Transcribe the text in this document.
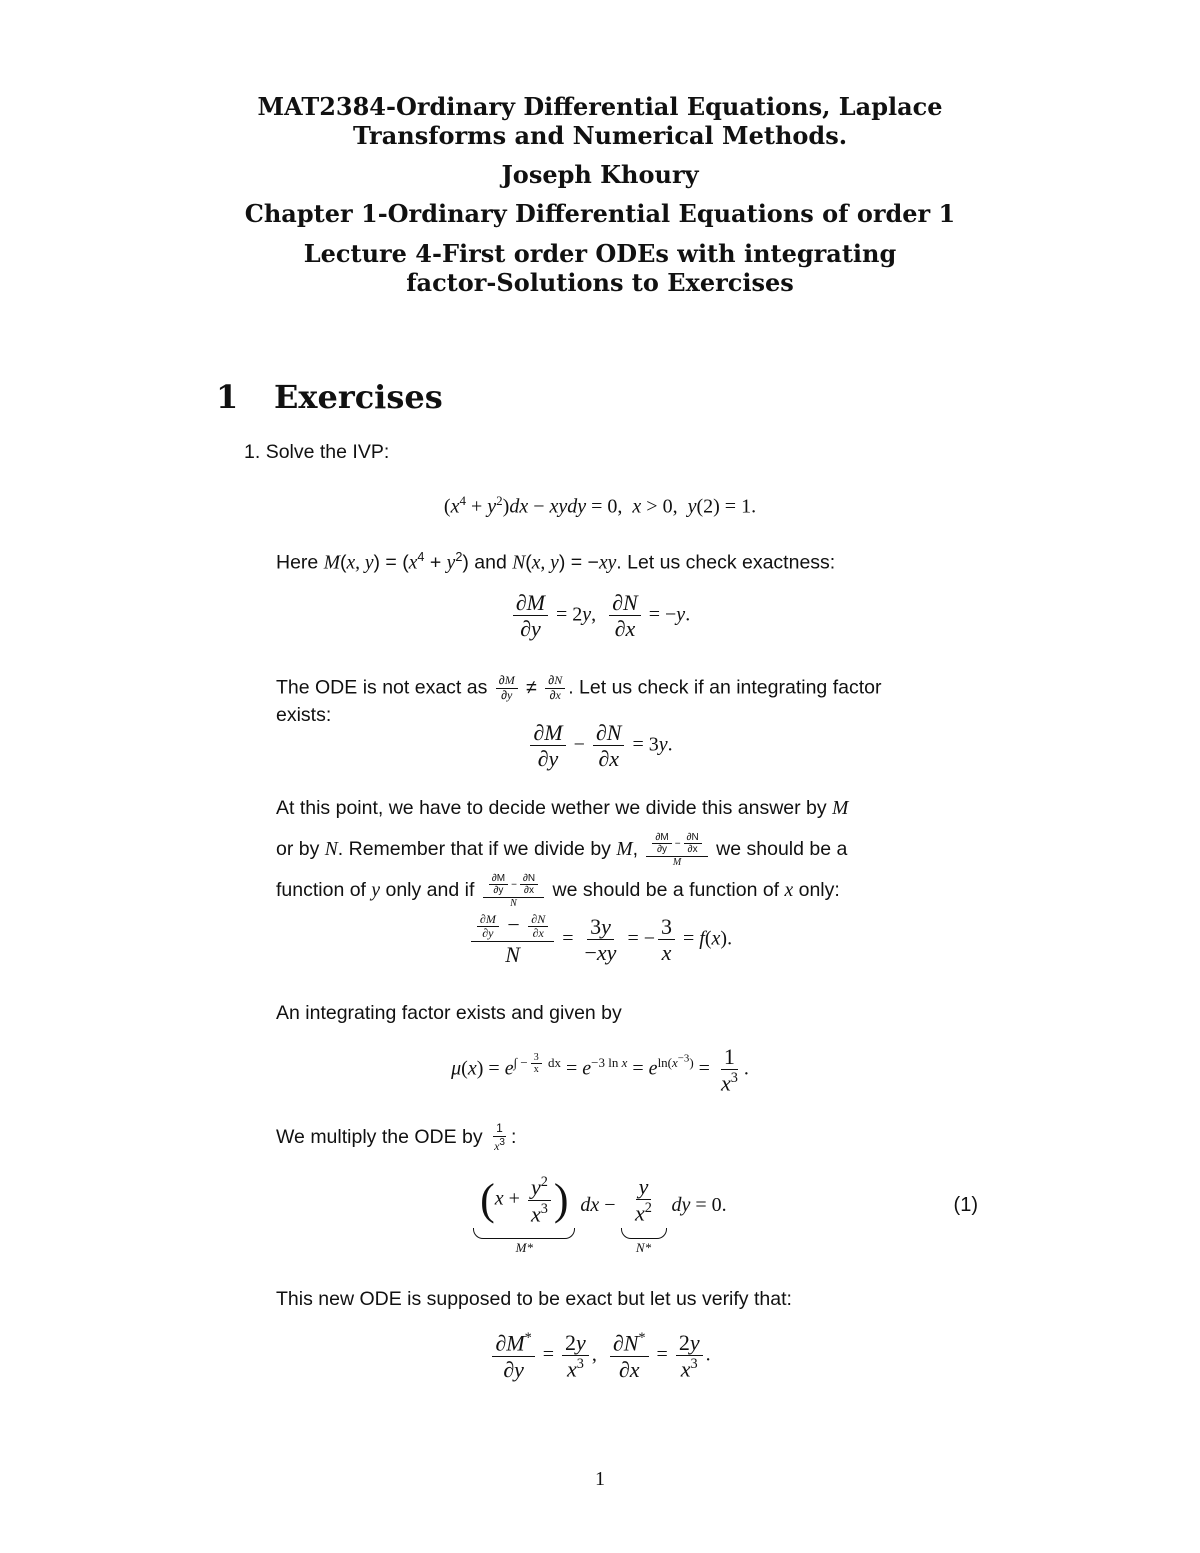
MAT2384-Ordinary Differential Equations, Laplace
Transforms and Numerical Methods.
Joseph Khoury
Chapter 1-Ordinary Differential Equations of order 1
Lecture 4-First order ODEs with integrating
factor-Solutions to Exercises
1 Exercises
1. Solve the IVP:
$(x^4 + y^2)dx$ − xydy = 0,  x > 0,  y(2) = 1.
Here M(x, $y) = (x^4 + y^2)$ and N(x, y) = −xy. Let us check exactness:
$\frac{\partial M}{\partial y} = 2y$, $\frac{\partial N}{\partial x} = -y$.
The ODE is not exact as $\frac{\partial M}{\partial y} \ne \frac{\partial N}{\partial x}$ . Let us check if an integrating factor
exists:
$\frac{\partial M}{\partial y} - \frac{\partial N}{\partial x} = 3y$.
At this point, we have to decide wether we divide this answer by M
or by N. Remember that if we divide by M, $\frac{\frac{\partial M}{\partial y} - \frac{\partial N}{\partial x}}{M}$ we should be a
function of y only and if $\frac{\frac{\partial M}{\partial y} - \frac{\partial N}{\partial x}}{N}$ we should be a function of x only:
$\frac{\frac{\partial M}{\partial y} - \frac{\partial N}{\partial x}}{N} = \frac{3y}{-xy}$ = − $\frac{3}{x} = f(x)$.
An integrating factor exists and given by
$\mu(x) = e^{\int - \frac{3}{x} dx} = e^{-3 ln x} = e^{ln(x^{-3})} = \frac{1}{x^3}$ .
We multiply the ODE by $\frac{1}{x^3}$ :
($x + \frac{y^2}{x^3}$ )
M*
dx − $\frac{y}{x^2}$
N*
dy = 0.	(1)
This new ODE is supposed to be exact but let us verify that:
$\frac{\partial M^*}{\partial y} = \frac{2y}{x^3}$ , $\frac{\partial N^*}{\partial x} = \frac{2y}{x^3}$ .
1
